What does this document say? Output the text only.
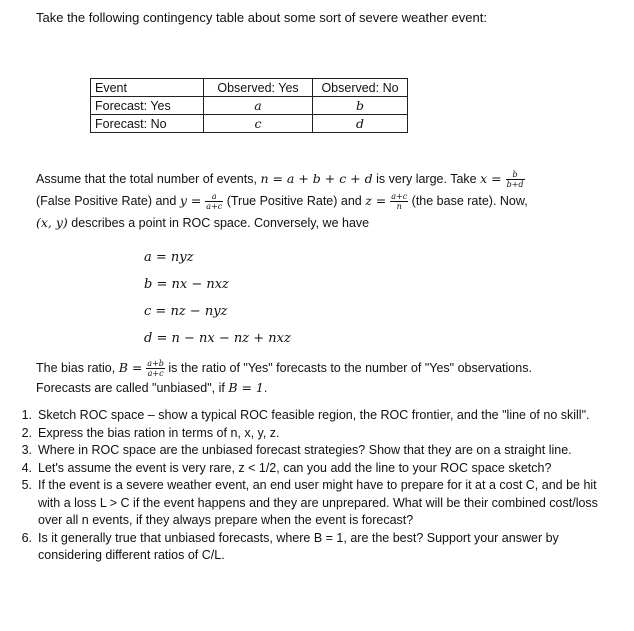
Take the following contingency table about some sort of severe weather event:
Event	Observed: Yes	Observed: No
Forecast: Yes	a	b
Forecast: No	c	d
Assume that the total number of events, n = a + b + c + d is very large. Take $x = \frac{b}{b+d}$

(False Positive Rate) and $y = \frac{a}{a+c}$ (True Positive Rate) and $z = \frac{a+c}{n} (the$ base rate). Now,
(x, y) describes a point in ROC space. Conversely, we have
a = nyz
b = nx − nxz
c = nz − nyz
d = n − nx − nz + nxz
The bias ratio, $B = \frac{a+b}{a+c}$ is the ratio of "Yes" forecasts to the number of "Yes" observations.
Forecasts are called "unbiased", if B = 1.
1. Sketch ROC space – show a typical ROC feasible region, the ROC frontier, and the "line of no skill".
2. Express the bias ration in terms of n, x, y, z.
3. Where in ROC space are the unbiased forecast strategies? Show that they are on a straight line.
4. Let's assume the event is very rare, z < 1/2, can you add the line to your ROC space sketch?
5. If the event is a severe weather event, an end user might have to prepare for it at a cost C, and be hit with a loss L > C if the event happens and they are unprepared. What will be their combined cost/loss over all n events, if they always prepare when the event is forecast?
6. Is it generally true that unbiased forecasts, where B = 1, are the best? Support your answer by considering different ratios of C/L.
